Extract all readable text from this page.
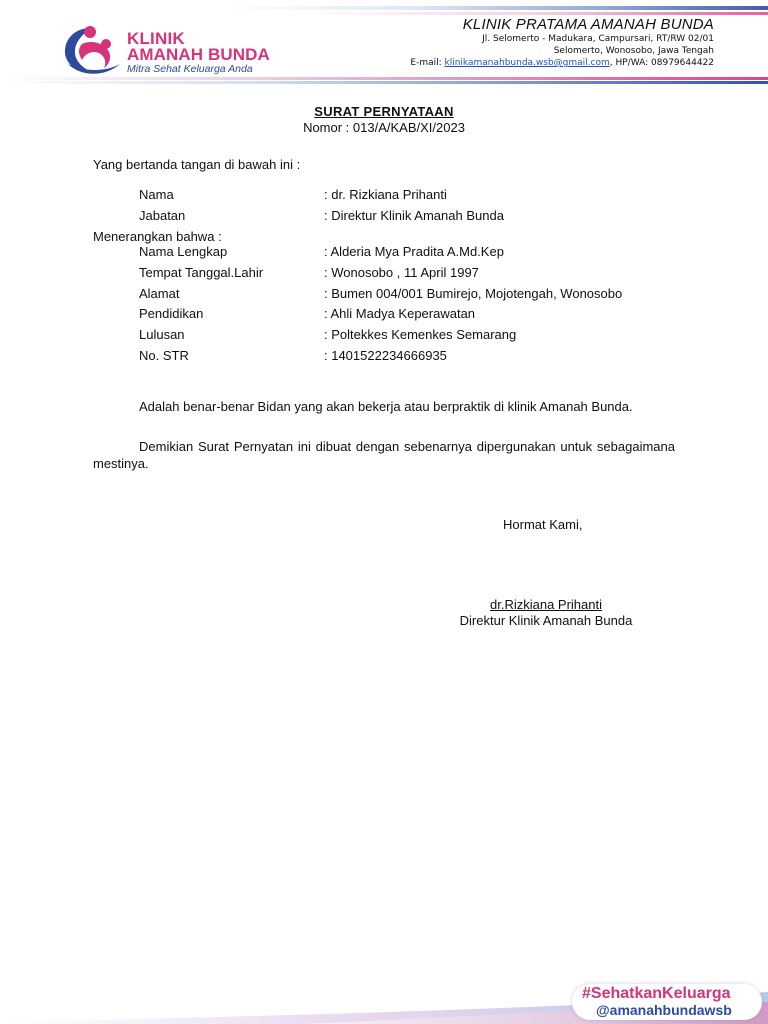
KLINIK
AMANAH BUNDA
Mitra Sehat Keluarga Anda
KLINIK PRATAMA AMANAH BUNDA
Jl. Selomerto - Madukara, Campursari, RT/RW 02/01
Selomerto, Wonosobo, Jawa Tengah
E-mail: klinikamanahbunda.wsb@gmail.com, HP/WA: 08979644422
SURAT PERNYATAAN
Nomor : 013/A/KAB/XI/2023
Yang bertanda tangan di bawah ini :
Nama	: dr. Rizkiana Prihanti
Jabatan	: Direktur Klinik Amanah Bunda
Menerangkan bahwa :
Nama Lengkap	: Alderia Mya Pradita A.Md.Kep
Tempat Tanggal.Lahir	: Wonosobo , 11 April 1997
Alamat	: Bumen 004/001 Bumirejo, Mojotengah, Wonosobo
Pendidikan	: Ahli Madya Keperawatan
Lulusan	: Poltekkes Kemenkes Semarang
No. STR	: 1401522234666935
Adalah benar-benar Bidan yang akan bekerja atau berpraktik di klinik Amanah Bunda.
Demikian Surat Pernyatan ini dibuat dengan sebenarnya dipergunakan untuk sebagaimana mestinya.
Hormat Kami,
dr.Rizkiana Prihanti
Direktur Klinik Amanah Bunda
#SehatkanKeluarga
@amanahbundawsb
